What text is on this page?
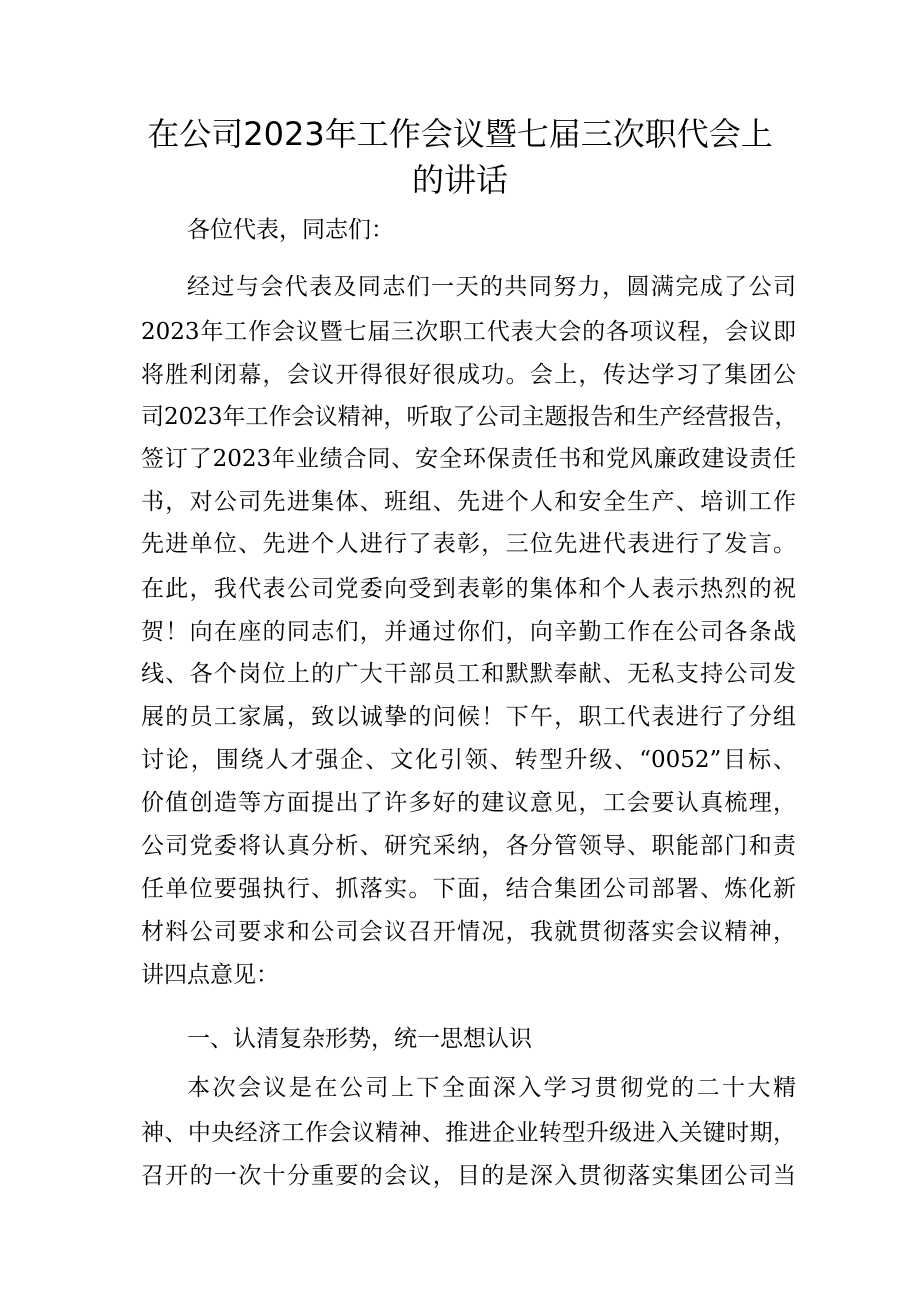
在公司2023年工作会议暨七届三次职代会上
的讲话
各位代表，同志们：
经过与会代表及同志们一天的共同努力，圆满完成了公司
2023年工作会议暨七届三次职工代表大会的各项议程，会议即
将胜利闭幕，会议开得很好很成功。会上，传达学习了集团公
司2023年工作会议精神，听取了公司主题报告和生产经营报告，
签订了2023年业绩合同、安全环保责任书和党风廉政建设责任
书，对公司先进集体、班组、先进个人和安全生产、培训工作
先进单位、先进个人进行了表彰，三位先进代表进行了发言。
在此，我代表公司党委向受到表彰的集体和个人表示热烈的祝
贺！向在座的同志们，并通过你们，向辛勤工作在公司各条战
线、各个岗位上的广大干部员工和默默奉献、无私支持公司发
展的员工家属，致以诚挚的问候！下午，职工代表进行了分组
讨论，围绕人才强企、文化引领、转型升级、“0052”目标、
价值创造等方面提出了许多好的建议意见，工会要认真梳理，
公司党委将认真分析、研究采纳，各分管领导、职能部门和责
任单位要强执行、抓落实。下面，结合集团公司部署、炼化新
材料公司要求和公司会议召开情况，我就贯彻落实会议精神，
讲四点意见：
一、认清复杂形势，统一思想认识
本次会议是在公司上下全面深入学习贯彻党的二十大精
神、中央经济工作会议精神、推进企业转型升级进入关键时期，
召开的一次十分重要的会议，目的是深入贯彻落实集团公司当
